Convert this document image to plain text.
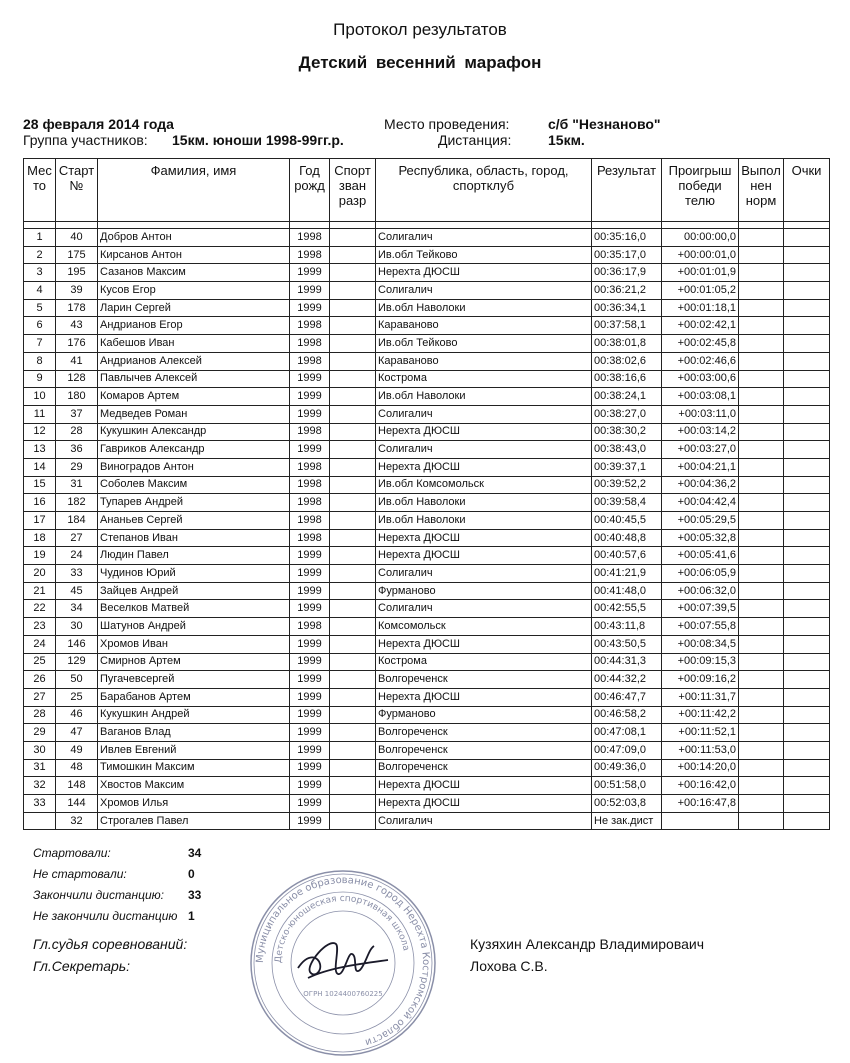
Протокол результатов
Детский весенний марафон
28 февраля 2014 года
Группа участников: 15км. юноши 1998-99гг.р.
Место проведения:	с/б "Незнаново"
Дистанция:	15км.
Мес то	Старт №	Фамилия, имя	Год рожд	Спорт зван разр	Республика, область, город, спортклуб	Результат	Проигрыш победи телю	Выпол нен норм	Очки

1	40	Добров Антон	1998		Солигалич	00:35:16,0	00:00:00,0		
2	175	Кирсанов Антон	1998		Ив.обл Тейково	00:35:17,0	+00:00:01,0		
3	195	Сазанов Максим	1999		Нерехта ДЮСШ	00:36:17,9	+00:01:01,9		
4	39	Кусов Егор	1999		Солигалич	00:36:21,2	+00:01:05,2		
5	178	Ларин Сергей	1999		Ив.обл Наволоки	00:36:34,1	+00:01:18,1		
6	43	Андрианов Егор	1998		Караваново	00:37:58,1	+00:02:42,1		
7	176	Кабешов Иван	1998		Ив.обл Тейково	00:38:01,8	+00:02:45,8		
8	41	Андрианов Алексей	1998		Караваново	00:38:02,6	+00:02:46,6		
9	128	Павлычев Алексей	1999		Кострома	00:38:16,6	+00:03:00,6		
10	180	Комаров Артем	1999		Ив.обл Наволоки	00:38:24,1	+00:03:08,1		
11	37	Медведев Роман	1999		Солигалич	00:38:27,0	+00:03:11,0		
12	28	Кукушкин Александр	1998		Нерехта ДЮСШ	00:38:30,2	+00:03:14,2		
13	36	Гавриков Александр	1999		Солигалич	00:38:43,0	+00:03:27,0		
14	29	Виноградов Антон	1998		Нерехта ДЮСШ	00:39:37,1	+00:04:21,1		
15	31	Соболев Максим	1998		Ив.обл Комсомольск	00:39:52,2	+00:04:36,2		
16	182	Тупарев Андрей	1998		Ив.обл Наволоки	00:39:58,4	+00:04:42,4		
17	184	Ананьев Сергей	1998		Ив.обл Наволоки	00:40:45,5	+00:05:29,5		
18	27	Степанов Иван	1998		Нерехта ДЮСШ	00:40:48,8	+00:05:32,8		
19	24	Людин Павел	1999		Нерехта ДЮСШ	00:40:57,6	+00:05:41,6		
20	33	Чудинов Юрий	1999		Солигалич	00:41:21,9	+00:06:05,9		
21	45	Зайцев Андрей	1999		Фурманово	00:41:48,0	+00:06:32,0		
22	34	Веселков Матвей	1999		Солигалич	00:42:55,5	+00:07:39,5		
23	30	Шатунов Андрей	1998		Комсомольск	00:43:11,8	+00:07:55,8		
24	146	Хромов Иван	1999		Нерехта ДЮСШ	00:43:50,5	+00:08:34,5		
25	129	Смирнов Артем	1999		Кострома	00:44:31,3	+00:09:15,3		
26	50	Пугачевсергей	1999		Волгореченск	00:44:32,2	+00:09:16,2		
27	25	Барабанов Артем	1999		Нерехта ДЮСШ	00:46:47,7	+00:11:31,7		
28	46	Кукушкин Андрей	1999		Фурманово	00:46:58,2	+00:11:42,2		
29	47	Ваганов Влад	1999		Волгореченск	00:47:08,1	+00:11:52,1		
30	49	Ивлев Евгений	1999		Волгореченск	00:47:09,0	+00:11:53,0		
31	48	Тимошкин Максим	1999		Волгореченск	00:49:36,0	+00:14:20,0		
32	148	Хвостов Максим	1999		Нерехта ДЮСШ	00:51:58,0	+00:16:42,0		
33	144	Хромов Илья	1999		Нерехта ДЮСШ	00:52:03,8	+00:16:47,8		
	32	Строгалев Павел	1999		Солигалич	Не зак.дист			
Стартовали:	34
Не стартовали:	0
Закончили дистанцию: 33
Не закончили дистанцию 1
Гл.судья соревнований:
Гл.Секретарь:
Кузяхин Александр Владимироваич
Лохова С.В.
Муниципальное образование город Нерехта Костромской области
Детско-юношеская спортивная школа
ОГРН 1024400760225
